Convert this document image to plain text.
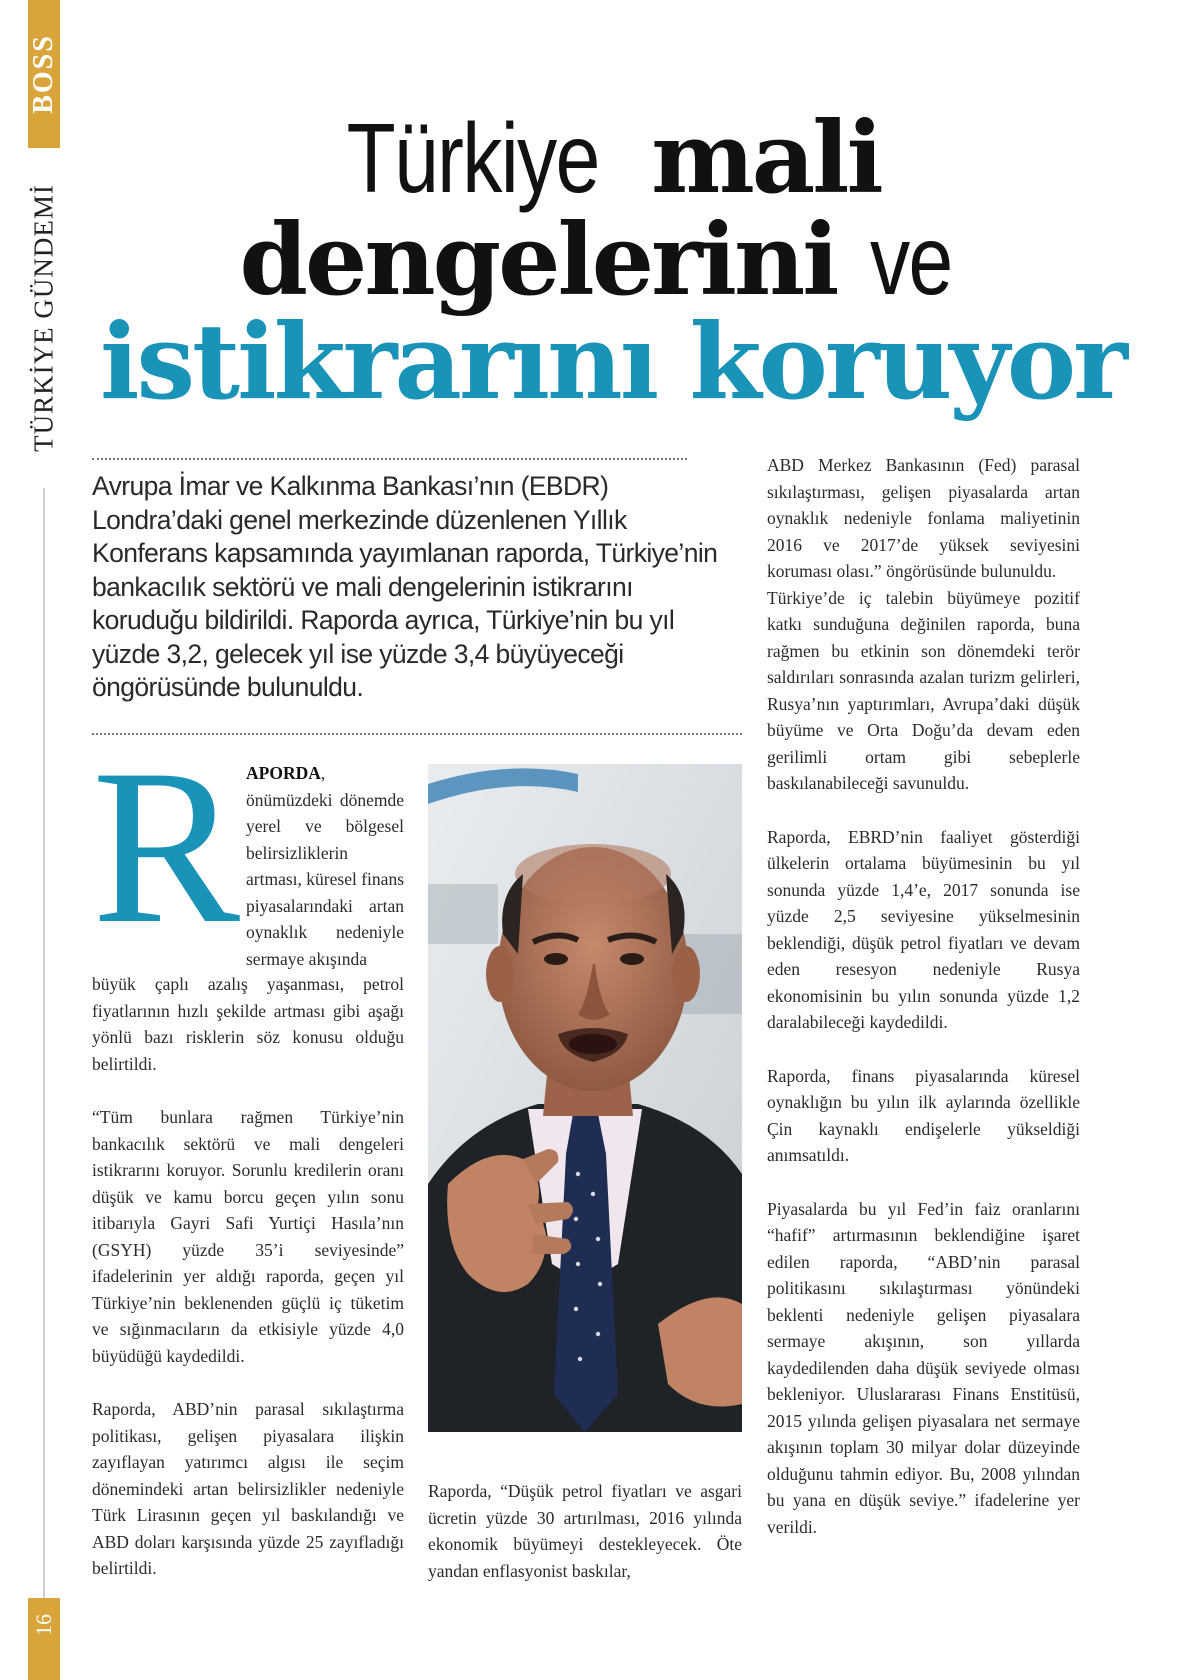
BOSS
TÜRKİYE GÜNDEMİ
16
Türkiye mali
dengelerini ve
istikrarını koruyor
Avrupa İmar ve Kalkınma Bankası’nın (EBDR) Londra’daki genel merkezinde düzenlenen Yıllık Konferans kapsamında yayımlanan raporda, Türkiye’nin bankacılık sektörü ve mali dengelerinin istikrarını koruduğu bildirildi. Raporda ayrıca, Türkiye’nin bu yıl yüzde 3,2, gelecek yıl ise yüzde 3,4 büyüyeceği öngörüsünde bulunuldu.
R APORDA, önümüzdeki dönemde yerel ve bölgesel belirsizliklerin artması, küresel finans piyasalarındaki artan oynaklık nedeniyle sermaye akışında

büyük çaplı azalış yaşanması, petrol fiyatlarının hızlı şekilde artması gibi aşağı yönlü bazı risklerin söz konusu olduğu belirtildi.

“Tüm bunlara rağmen Türkiye’nin bankacılık sektörü ve mali dengeleri istikrarını koruyor. Sorunlu kredilerin oranı düşük ve kamu borcu geçen yılın sonu itibarıyla Gayri Safi Yurtiçi Hasıla’nın (GSYH) yüzde 35’i seviyesinde” ifadelerinin yer aldığı raporda, geçen yıl Türkiye’nin beklenenden güçlü iç tüketim ve sığınmacıların da etkisiyle yüzde 4,0 büyüdüğü kaydedildi.

Raporda, ABD’nin parasal sıkılaştırma politikası, gelişen piyasalara ilişkin zayıflayan yatırımcı algısı ile seçim dönemindeki artan belirsizlikler nedeniyle Türk Lirasının geçen yıl baskılandığı ve ABD doları karşısında yüzde 25 zayıfladığı belirtildi.

Raporda, “Düşük petrol fiyatları ve asgari ücretin yüzde 30 artırılması, 2016 yılında ekonomik büyümeyi destekleyecek. Öte yandan enflasyonist baskılar,

ABD Merkez Bankasının (Fed) parasal sıkılaştırması, gelişen piyasalarda artan oynaklık nedeniyle fonlama maliyetinin 2016 ve 2017’de yüksek seviyesini koruması olası.” öngörüsünde bulunuldu.

Türkiye’de iç talebin büyümeye pozitif katkı sunduğuna değinilen raporda, buna rağmen bu etkinin son dönemdeki terör saldırıları sonrasında azalan turizm gelirleri, Rusya’nın yaptırımları, Avrupa’daki düşük büyüme ve Orta Doğu’da devam eden gerilimli ortam gibi sebeplerle baskılanabileceği savunuldu.

Raporda, EBRD’nin faaliyet gösterdiği ülkelerin ortalama büyümesinin bu yıl sonunda yüzde 1,4’e, 2017 sonunda ise yüzde 2,5 seviyesine yükselmesinin beklendiği, düşük petrol fiyatları ve devam eden resesyon nedeniyle Rusya ekonomisinin bu yılın sonunda yüzde 1,2 daralabileceği kaydedildi.

Raporda, finans piyasalarında küresel oynaklığın bu yılın ilk aylarında özellikle Çin kaynaklı endişelerle yükseldiği anımsatıldı.

Piyasalarda bu yıl Fed’in faiz oranlarını “hafif” artırmasının beklendiğine işaret edilen raporda, “ABD’nin parasal politikasını sıkılaştırması yönündeki beklenti nedeniyle gelişen piyasalara sermaye akışının, son yıllarda kaydedilenden daha düşük seviyede olması bekleniyor. Uluslararası Finans Enstitüsü, 2015 yılında gelişen piyasalara net sermaye akışının toplam 30 milyar dolar düzeyinde olduğunu tahmin ediyor. Bu, 2008 yılından bu yana en düşük seviye.” ifadelerine yer verildi.
